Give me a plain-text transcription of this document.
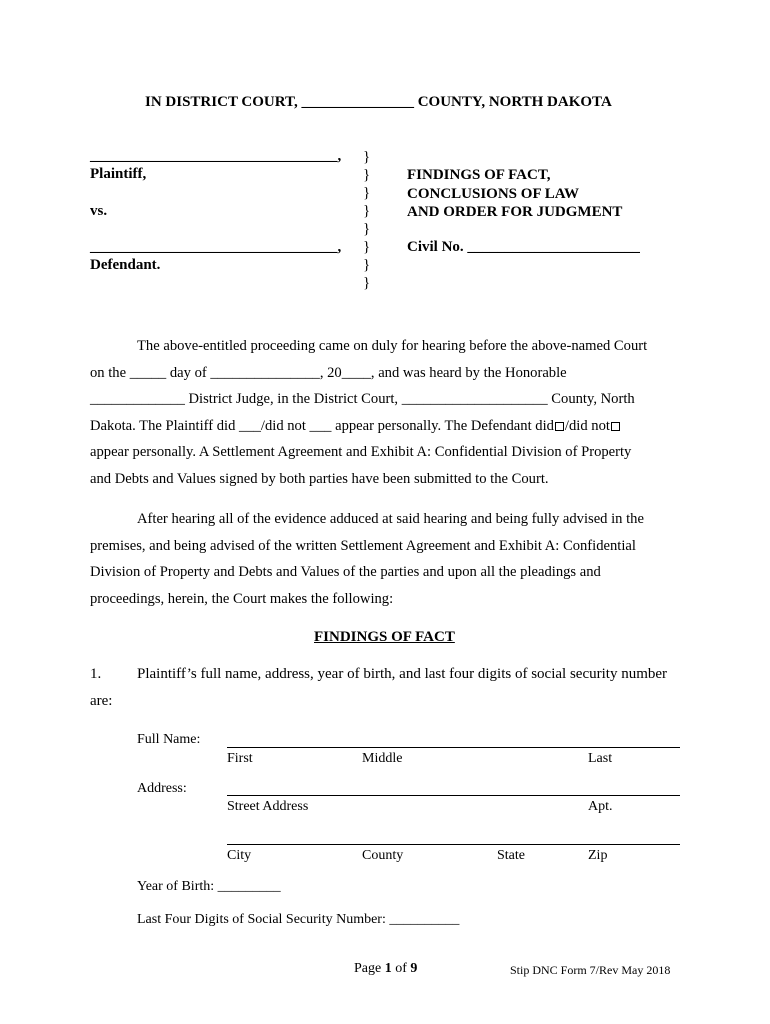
IN DISTRICT COURT, _______________ COUNTY, NORTH DAKOTA
_________________________________,
Plaintiff,
vs.
_________________________________,
Defendant.
}
}
}
}
}
}
}
}
FINDINGS OF FACT,
CONCLUSIONS OF LAW
AND ORDER FOR JUDGMENT
Civil No. _______________________

The above-entitled proceeding came on duly for hearing before the above-named Court

on the _____ day of _______________, 20____, and was heard by the Honorable

_____________ District Judge, in the District Court, ____________________ County, North

Dakota. The Plaintiff did ___/did not ___ appear personally. The Defendant did /did not

appear personally. A Settlement Agreement and Exhibit A: Confidential Division of Property

and Debts and Values signed by both parties have been submitted to the Court.

After hearing all of the evidence adduced at said hearing and being fully advised in the

premises, and being advised of the written Settlement Agreement and Exhibit A: Confidential

Division of Property and Debts and Values of the parties and upon all the pleadings and

proceedings, herein, the Court makes the following:

FINDINGS OF FACT
1. Plaintiff’s full name, address, year of birth, and last four digits of social security number
are:
Full Name:
First	Middle	Last
Address:
Street Address	Apt.
City	County	State	Zip
Year of Birth: _________
Last Four Digits of Social Security Number: __________
Page 1 of 9	Stip DNC Form 7/Rev May 2018
